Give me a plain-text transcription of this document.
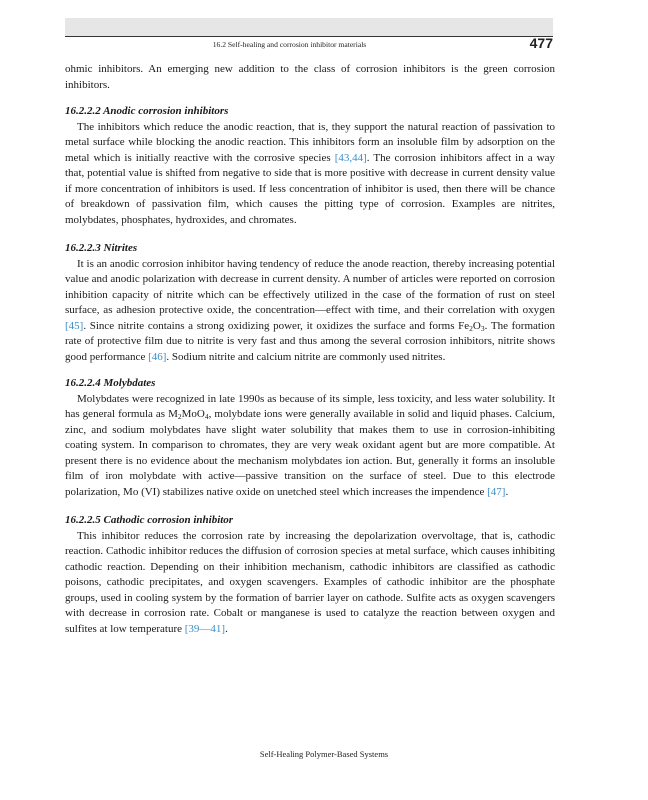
16.2 Self-healing and corrosion inhibitor materials	477

ohmic inhibitors. An emerging new addition to the class of corrosion inhibitors is the green corrosion inhibitors.

16.2.2.2 Anodic corrosion inhibitors

The inhibitors which reduce the anodic reaction, that is, they support the natural reaction of passivation to metal surface while blocking the anodic reaction. This inhibitors form an insoluble film by adsorption on the metal which is initially reactive with the corrosive species [43,44]. The corrosion inhibitors affect in a way that, potential value is shifted from negative to side that is more positive with decrease in current density value if more concentration of inhibitors is used. If less concentration of inhibitor is used, then there will be chance of breakdown of passivation film, which causes the pitting type of corrosion. Examples are nitrites, molybdates, phosphates, hydroxides, and chromates.

16.2.2.3 Nitrites

It is an anodic corrosion inhibitor having tendency of reduce the anode reaction, thereby increasing potential value and anodic polarization with decrease in current density. A number of articles were reported on corrosion inhibition capacity of nitrite which can be effectively utilized in the case of the formation of rust on steel surface, as adhesion protective oxide, the concentration—effect with time, and their correlation with oxygen [45]. Since nitrite contains a strong oxidizing power, it oxidizes the surface and forms $Fe_2O_3$. The formation rate of protective film due to nitrite is very fast and thus among the several corrosion inhibitors, nitrite shows good performance [46]. Sodium nitrite and calcium nitrite are commonly used nitrites.

16.2.2.4 Molybdates

Molybdates were recognized in late 1990s as because of its simple, less toxicity, and less water solubility. It has general formula as $M_2MoO_4$, molybdate ions were generally available in solid and liquid phases. Calcium, zinc, and sodium molybdates have slight water solubility that makes them to use in corrosion-inhibiting coating system. In comparison to chromates, they are very weak oxidant agent but are more compatible. At present there is no evidence about the mechanism molybdates ion action. But, generally it forms an insoluble film of iron molybdate with active—passive transition on the surface of steel. Due to this electrode polarization, Mo (VI) stabilizes native oxide on unetched steel which increases the impendence [47].

16.2.2.5 Cathodic corrosion inhibitor

This inhibitor reduces the corrosion rate by increasing the depolarization overvoltage, that is, cathodic reaction. Cathodic inhibitor reduces the diffusion of corrosion species at metal surface, which causes inhibiting cathodic reaction. Depending on their inhibition mechanism, cathodic inhibitors are classified as cathodic poisons, cathodic precipitates, and oxygen scavengers. Examples of cathodic inhibitor are the phosphate groups, used in cooling system by the formation of barrier layer on cathode. Sulfite acts as oxygen scavengers with decrease in corrosion rate. Cobalt or manganese is used to catalyze the reaction between oxygen and sulfites at low temperature [39—41].

Self-Healing Polymer-Based Systems
